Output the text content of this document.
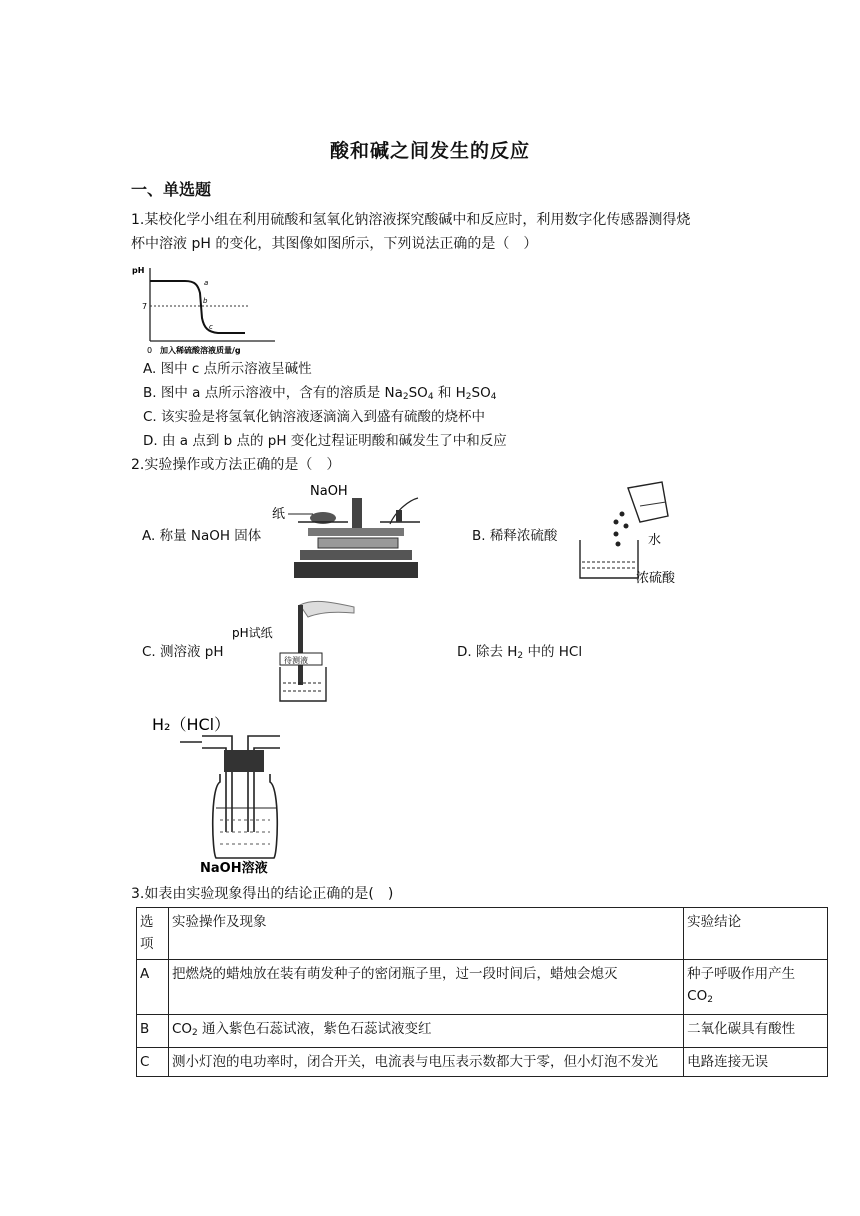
酸和碱之间发生的反应
一、单选题
1.某校化学小组在利用硫酸和氢氧化钠溶液探究酸碱中和反应时，利用数字化传感器测得烧
杯中溶液 pH 的变化，其图像如图所示，下列说法正确的是（　）
pH
7
a
b
c
0 加入稀硫酸溶液质量/g
A. 图中 c 点所示溶液呈碱性
B. 图中 a 点所示溶液中，含有的溶质是 $Na_2SO_4$ 和 $H_2SO_4$
C. 该实验是将氢氧化钠溶液逐滴滴入到盛有硫酸的烧杯中
D. 由 a 点到 b 点的 pH 变化过程证明酸和碱发生了中和反应
2.实验操作或方法正确的是（　）
A. 称量 NaOH 固体
NaOH
纸
B. 稀释浓硫酸	水
浓硫酸
C. 测溶液 pH
pH试纸
待测液
D. 除去 $H_2$ 中的 HCl
H₂（HCl）
NaOH溶液
3.如表由实验现象得出的结论正确的是(　)
选项	实验操作及现象	实验结论
A	把燃烧的蜡烛放在装有萌发种子的密闭瓶子里，过一段时间后，蜡烛会熄灭	种子呼吸作用产生 $CO_2$
B	$CO_2$ 通入紫色石蕊试液，紫色石蕊试液变红	二氧化碳具有酸性
C	测小灯泡的电功率时，闭合开关，电流表与电压表示数都大于零，但小灯泡不发光	电路连接无误
